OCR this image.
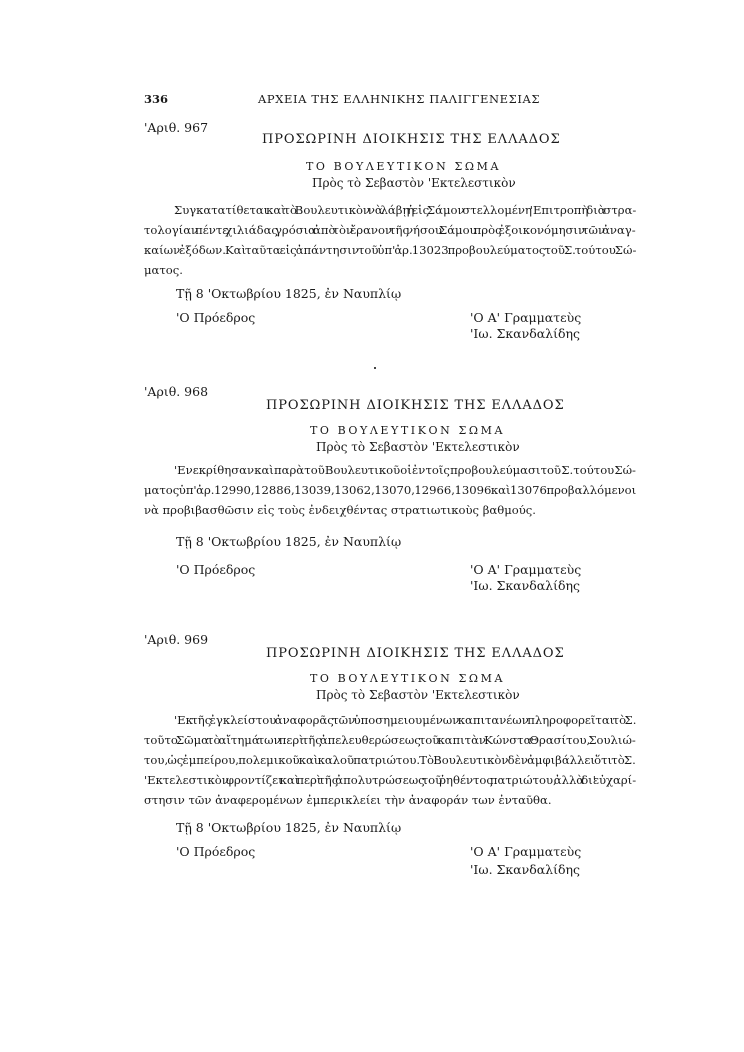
336	ΑΡΧΕΙΑ ΤΗΣ ΕΛΛΗΝΙΚΗΣ ΠΑΛΙΓΓΕΝΕΣΙΑΣ
'Αριθ. 967
ΠΡΟΣΩΡΙΝΗ ΔΙΟΙΚΗΣΙΣ ΤΗΣ ΕΛΛΑΔΟΣ
ΤΟ ΒΟΥΛΕΥΤΙΚΟΝ ΣΩΜΑ
Πρὸς τὸ Σεβαστὸν 'Εκτελεστικὸν
Συγκατατίθεται καὶ τὸ Βουλευτικὸν νὰ λάβῃ ἡ εἰς Σάμον στελλομένη 'Επιτροπὴ διὰ στρα-
τολογίαν πέντε χιλιάδας γρόσια ἀπὸ τὸν ἔρανον τῆς νήσου Σάμου πρὸς ἐξοικονόμησιν τῶν ἀναγ-
καίων ἐξόδων. Καὶ ταῦτα εἰς ἀπάντησιν τοῦ ὑπ' ἀρ. 13023 προβουλεύματος τοῦ Σ. τούτου Σώ-
ματος.
Τῇ 8 'Οκτωβρίου 1825, ἐν Ναυπλίῳ
'Ο Πρόεδρος	'Ο Α' Γραμματεὺς
'Ιω. Σκανδαλίδης
'Αριθ. 968
ΠΡΟΣΩΡΙΝΗ ΔΙΟΙΚΗΣΙΣ ΤΗΣ ΕΛΛΑΔΟΣ
ΤΟ ΒΟΥΛΕΥΤΙΚΟΝ ΣΩΜΑ
Πρὸς τὸ Σεβαστὸν 'Εκτελεστικὸν
'Ενεκρίθησαν καὶ παρὰ τοῦ Βουλευτικοῦ οἱ ἐν τοῖς προβουλεύμασι τοῦ Σ. τούτου Σώ-
ματος ὑπ' ἀρ. 12990, 12886, 13039, 13062, 13070, 12966, 13096 καὶ 13076 προβαλλόμενοι
νὰ προβιβασθῶσιν εἰς τοὺς ἐνδειχθέντας στρατιωτικοὺς βαθμούς.
Τῇ 8 'Οκτωβρίου 1825, ἐν Ναυπλίῳ
'Ο Πρόεδρος	'Ο Α' Γραμματεὺς
'Ιω. Σκανδαλίδης
'Αριθ. 969
ΠΡΟΣΩΡΙΝΗ ΔΙΟΙΚΗΣΙΣ ΤΗΣ ΕΛΛΑΔΟΣ
ΤΟ ΒΟΥΛΕΥΤΙΚΟΝ ΣΩΜΑ
Πρὸς τὸ Σεβαστὸν 'Εκτελεστικὸν
'Εκ τῆς ἐγκλείστου ἀναφορᾶς τῶν ὑποσημειουμένων καπιτανέων πληροφορεῖται τὸ Σ.
τοῦτο Σῶμα τὸ αἴτημά των περὶ τῆς ἀπελευθερώσεως τοῦ καπιτὰν Κώνστα Θρασίτου, Σουλιώ-
του, ὡς ἐμπείρου, πολεμικοῦ καὶ καλοῦ πατριώτου. Τὸ Βουλευτικὸν δὲν ἀμφιβάλλει ὅτι τὸ Σ.
'Εκτελεστικὸν φροντίζει καὶ περὶ τῆς ἀπολυτρώσεως τοῦ ῥηθέντος πατριώτου, ἀλλὰ δι' εὐχαρί-
στησιν τῶν ἀναφερομένων ἐμπερικλείει τὴν ἀναφοράν των ἐνταῦθα.
Τῇ 8 'Οκτωβρίου 1825, ἐν Ναυπλίῳ
'Ο Πρόεδρος	'Ο Α' Γραμματεὺς
'Ιω. Σκανδαλίδης
